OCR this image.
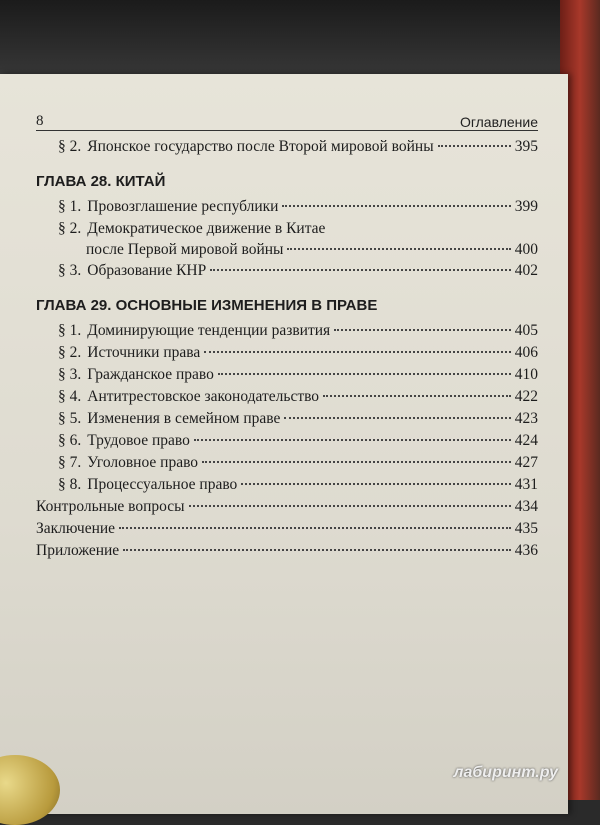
8	Оглавление
§ 2. Японское государство после Второй мировой войны	395
ГЛАВА 28. КИТАЙ
§ 1. Провозглашение республики	399
§ 2. Демократическое движение в Китае
после Первой мировой войны	400
§ 3. Образование КНР	402
ГЛАВА 29. ОСНОВНЫЕ ИЗМЕНЕНИЯ В ПРАВЕ
§ 1. Доминирующие тенденции развития	405
§ 2. Источники права	406
§ 3. Гражданское право	410
§ 4. Антитрестовское законодательство	422
§ 5. Изменения в семейном праве	423
§ 6. Трудовое право	424
§ 7. Уголовное право	427
§ 8. Процессуальное право	431
Контрольные вопросы	434
Заключение	435
Приложение	436
лабиринт.ру
